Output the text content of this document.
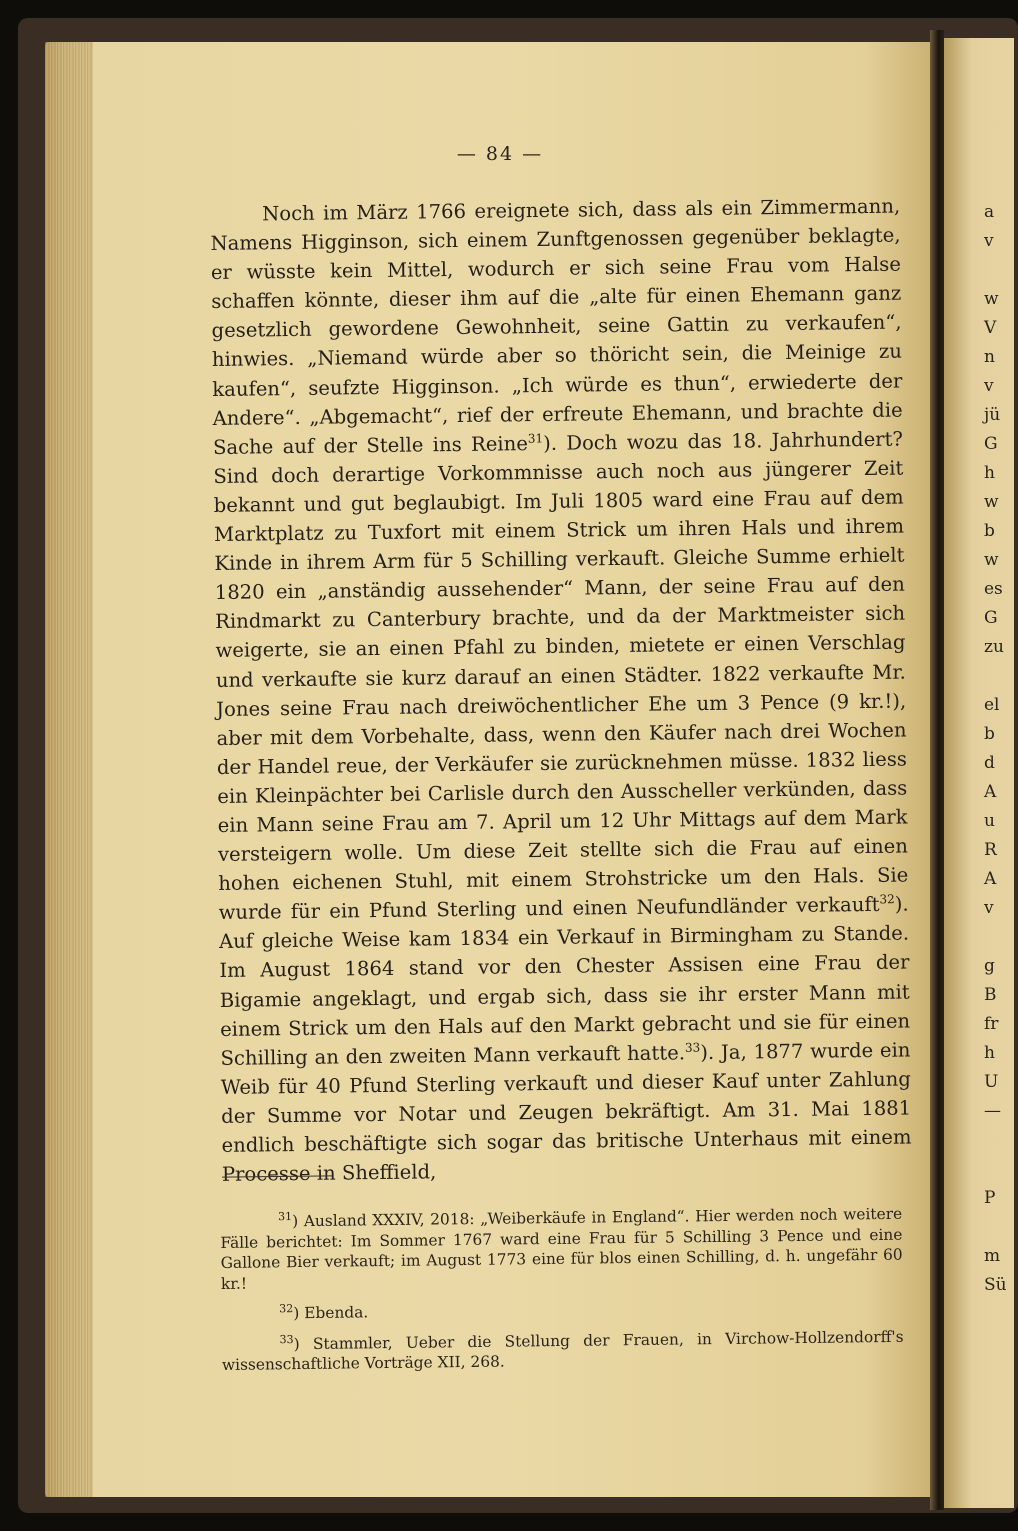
— 84 —

Noch im März 1766 ereignete sich, dass als ein Zimmermann, Namens Higginson, sich einem Zunftgenossen gegenüber beklagte, er wüsste kein Mittel, wodurch er sich seine Frau vom Halse schaffen könnte, dieser ihm auf die „alte für einen Ehemann ganz gesetzlich gewordene Gewohnheit, seine Gattin zu verkaufen“, hinwies. „Niemand würde aber so thöricht sein, die Meinige zu kaufen“, seufzte Higginson. „Ich würde es thun“, erwiederte der Andere“. „Abgemacht“, rief der erfreute Ehemann, und brachte die Sache auf der Stelle ins Reine$^{31}$). Doch wozu das 18. Jahrhundert? Sind doch derartige Vorkommnisse auch noch aus jüngerer Zeit bekannt und gut beglaubigt. Im Juli 1805 ward eine Frau auf dem Marktplatz zu Tuxfort mit einem Strick um ihren Hals und ihrem Kinde in ihrem Arm für 5 Schilling verkauft. Gleiche Summe erhielt 1820 ein „anständig aussehender“ Mann, der seine Frau auf den Rindmarkt zu Canterbury brachte, und da der Marktmeister sich weigerte, sie an einen Pfahl zu binden, mietete er einen Verschlag und verkaufte sie kurz darauf an einen Städter. 1822 verkaufte Mr. Jones seine Frau nach dreiwöchentlicher Ehe um 3 Pence (9 kr.!), aber mit dem Vorbehalte, dass, wenn den Käufer nach drei Wochen der Handel reue, der Verkäufer sie zurücknehmen müsse. 1832 liess ein Kleinpächter bei Carlisle durch den Ausscheller verkünden, dass ein Mann seine Frau am 7. April um 12 Uhr Mittags auf dem Mark versteigern wolle. Um diese Zeit stellte sich die Frau auf einen hohen eichenen Stuhl, mit einem Strohstricke um den Hals. Sie wurde für ein Pfund Sterling und einen Neufundländer verkauft$^{32}$). Auf gleiche Weise kam 1834 ein Verkauf in Birmingham zu Stande. Im August 1864 stand vor den Chester Assisen eine Frau der Bigamie angeklagt, und ergab sich, dass sie ihr erster Mann mit einem Strick um den Hals auf den Markt gebracht und sie für einen Schilling an den zweiten Mann verkauft hatte.$^{33}$). Ja, 1877 wurde ein Weib für 40 Pfund Sterling verkauft und dieser Kauf unter Zahlung der Summe vor Notar und Zeugen bekräftigt. Am 31. Mai 1881 endlich beschäftigte sich sogar das britische Unterhaus mit einem Processe in Sheffield,

$^{31}$) Ausland XXXIV, 2018: „Weiberkäufe in England“. Hier werden noch weitere Fälle berichtet: Im Sommer 1767 ward eine Frau für 5 Schilling 3 Pence und eine Gallone Bier verkauft; im August 1773 eine für blos einen Schilling, d. h. ungefähr 60 kr.!
$^{32}$) Ebenda.
$^{33}$) Stammler, Ueber die Stellung der Frauen, in Virchow-Hollzendorff's wissenschaftliche Vorträge XII, 268.
a
v
w
V
n
v
jü
G
h
w
b
w
es
G
zu
el
b
d
A
u
R
A
v
g
B
fr
h
U
—
P
m
Sü
